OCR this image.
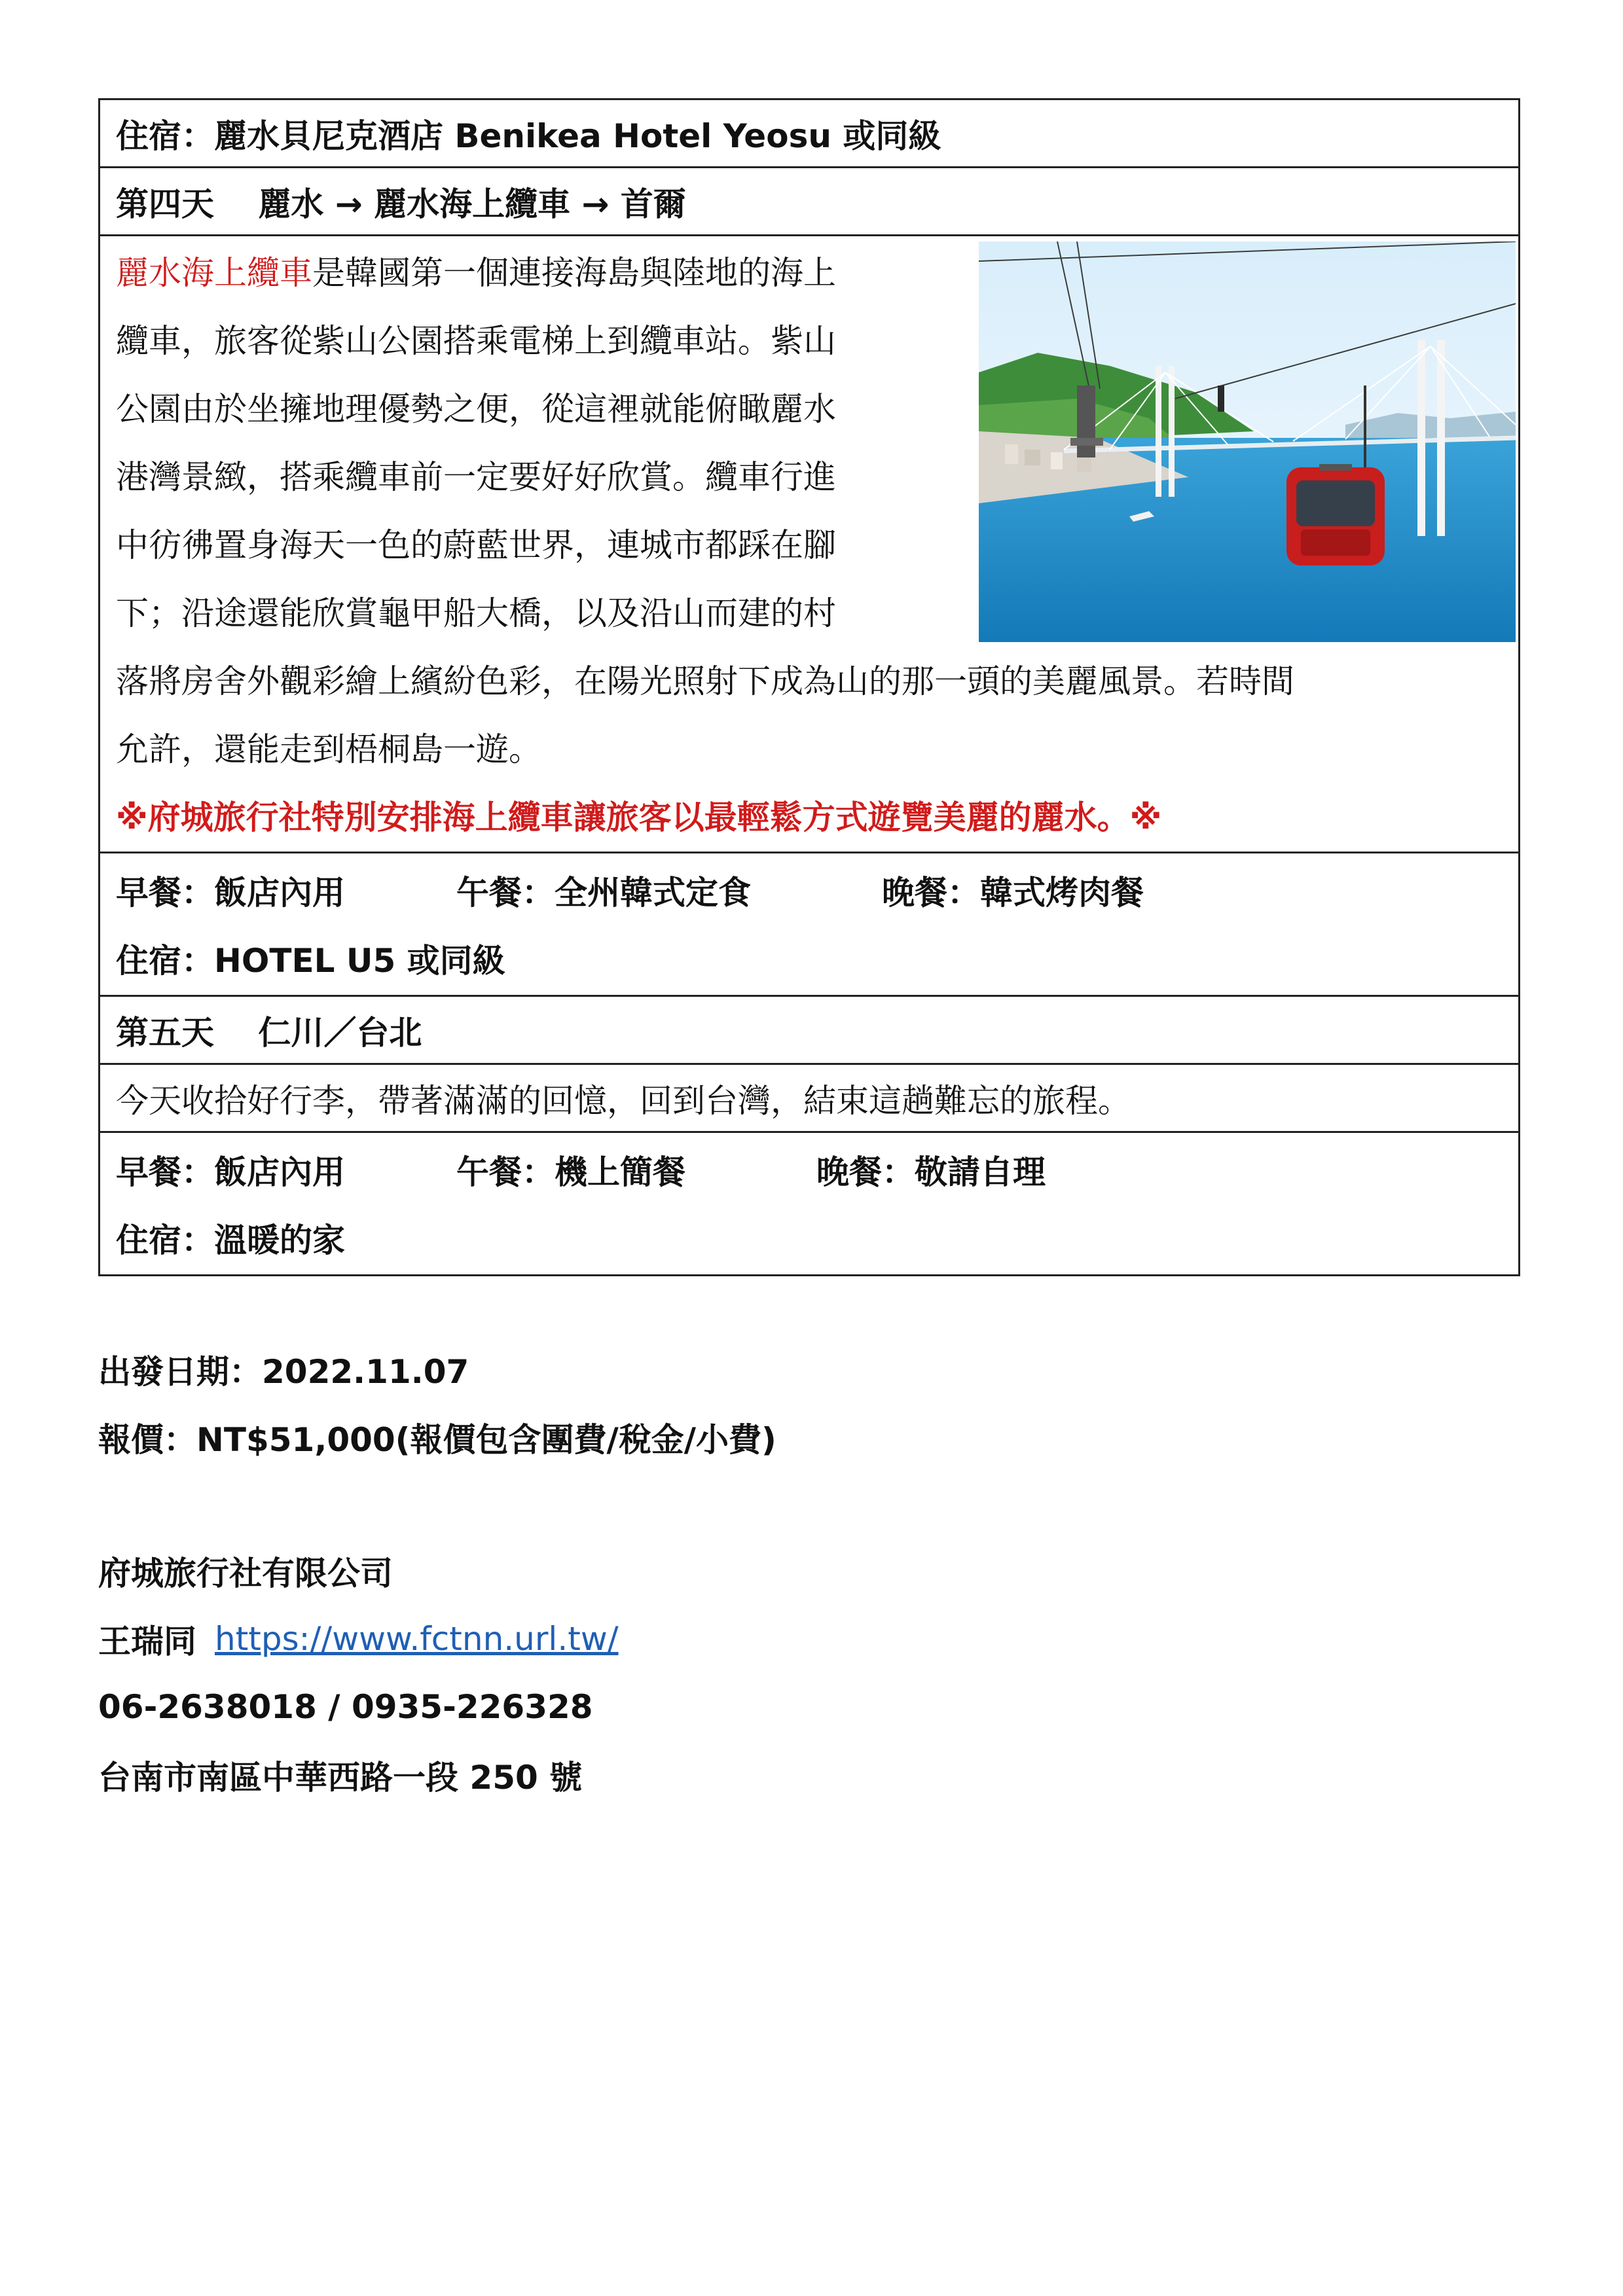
住宿：麗水貝尼克酒店 Benikea Hotel Yeosu 或同級
第四天　 麗水 → 麗水海上纜車 → 首爾
麗水海上纜車是韓國第一個連接海島與陸地的海上
纜車，旅客從紫山公園搭乘電梯上到纜車站。紫山
公園由於坐擁地理優勢之便，從這裡就能俯瞰麗水
港灣景緻，搭乘纜車前一定要好好欣賞。纜車行進
中彷彿置身海天一色的蔚藍世界，連城市都踩在腳
下；沿途還能欣賞龜甲船大橋，以及沿山而建的村
落將房舍外觀彩繪上繽紛色彩，在陽光照射下成為山的那一頭的美麗風景。若時間
允許，還能走到梧桐島一遊。
※府城旅行社特別安排海上纜車讓旅客以最輕鬆方式遊覽美麗的麗水。※
早餐：飯店內用	午餐：全州韓式定食	晚餐：韓式烤肉餐
住宿：HOTEL U5 或同級
第五天　 仁川／台北
今天收拾好行李，帶著滿滿的回憶，回到台灣，結束這趟難忘的旅程。
早餐：飯店內用	午餐：機上簡餐	晚餐：敬請自理
住宿：溫暖的家
出發日期：2022.11.07
報價：NT$51,000(報價包含團費/稅金/小費)
府城旅行社有限公司
王瑞同 https://www.fctnn.url.tw/
06-2638018 / 0935-226328
台南市南區中華西路一段 250 號
